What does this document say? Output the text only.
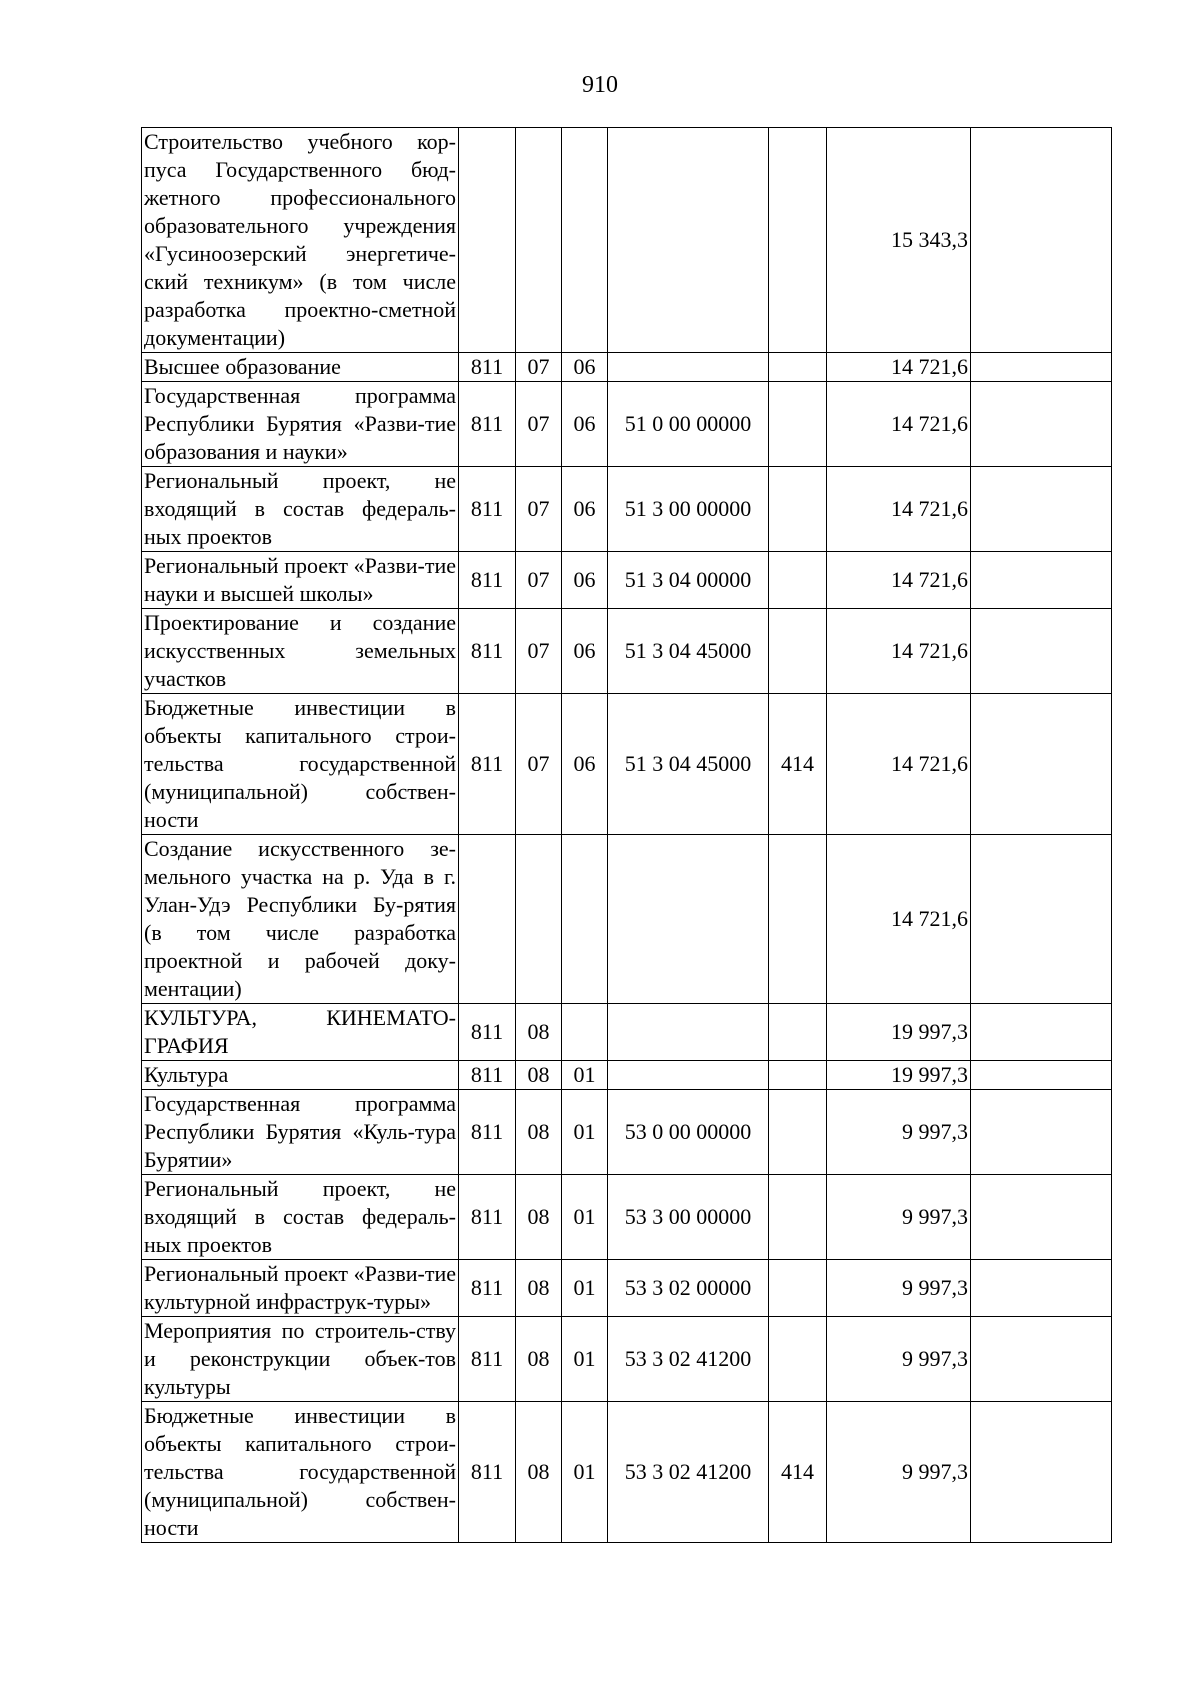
910
Строительство учебного кор-пуса Государственного бюд-жетного профессионального образовательного учреждения «Гусиноозерский энергетиче-ский техникум» (в том числе разработка проектно-сметной документации)						15 343,3	
Высшее образование	811	07	06			14 721,6	
Государственная программа Республики Бурятия «Разви-тие образования и науки»	811	07	06	51 0 00 00000		14 721,6	
Региональный проект, не входящий в состав федераль-ных проектов	811	07	06	51 3 00 00000		14 721,6	
Региональный проект «Разви-тие науки и высшей школы»	811	07	06	51 3 04 00000		14 721,6	
Проектирование и создание искусственных земельных участков	811	07	06	51 3 04 45000		14 721,6	
Бюджетные инвестиции в объекты капитального строи-тельства государственной (муниципальной) собствен-ности	811	07	06	51 3 04 45000	414	14 721,6	
Создание искусственного зе-мельного участка на р. Уда в г. Улан-Удэ Республики Бу-рятия (в том числе разработка проектной и рабочей доку-ментации)						14 721,6	
КУЛЬТУРА, КИНЕМАТО-ГРАФИЯ	811	08				19 997,3	
Культура	811	08	01			19 997,3	
Государственная программа Республики Бурятия «Куль-тура Бурятии»	811	08	01	53 0 00 00000		9 997,3	
Региональный проект, не входящий в состав федераль-ных проектов	811	08	01	53 3 00 00000		9 997,3	
Региональный проект «Разви-тие культурной инфраструк-туры»	811	08	01	53 3 02 00000		9 997,3	
Мероприятия по строитель-ству и реконструкции объек-тов культуры	811	08	01	53 3 02 41200		9 997,3	
Бюджетные инвестиции в объекты капитального строи-тельства государственной (муниципальной) собствен-ности	811	08	01	53 3 02 41200	414	9 997,3	
